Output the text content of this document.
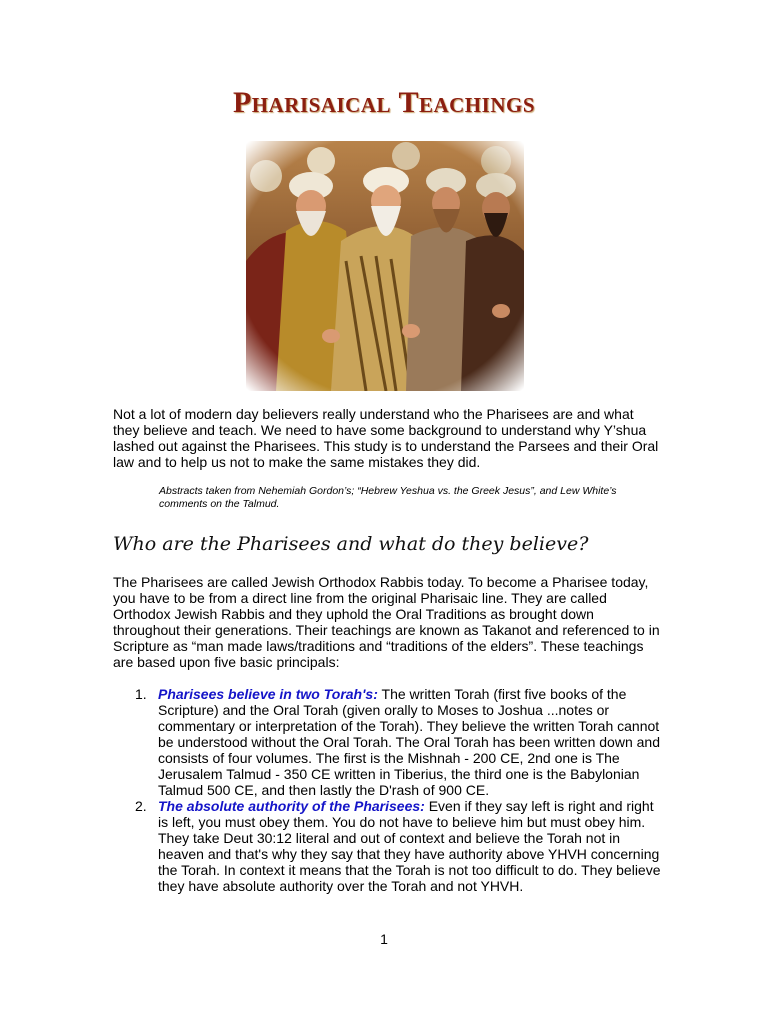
Pharisaical Teachings
Not a lot of modern day believers really understand who the Pharisees are and what they believe and teach. We need to have some background to understand why Y’shua lashed out against the Pharisees. This study is to understand the Parsees and their Oral law and to help us not to make the same mistakes they did.
Abstracts taken from Nehemiah Gordon’s; “Hebrew Yeshua vs. the Greek Jesus”, and Lew White’s comments on the Talmud.
Who are the Pharisees and what do they believe?
The Pharisees are called Jewish Orthodox Rabbis today. To become a Pharisee today, you have to be from a direct line from the original Pharisaic line. They are called Orthodox Jewish Rabbis and they uphold the Oral Traditions as brought down throughout their generations. Their teachings are known as Takanot and referenced to in Scripture as “man made laws/traditions and “traditions of the elders”. These teachings are based upon five basic principals:
1. Pharisees believe in two Torah's: The written Torah (first five books of the Scripture) and the Oral Torah (given orally to Moses to Joshua ...notes or commentary or interpretation of the Torah). They believe the written Torah cannot be understood without the Oral Torah. The Oral Torah has been written down and consists of four volumes. The first is the Mishnah - 200 CE, 2nd one is The Jerusalem Talmud - 350 CE written in Tiberius, the third one is the Babylonian Talmud 500 CE, and then lastly the D'rash of 900 CE.
2. The absolute authority of the Pharisees: Even if they say left is right and right is left, you must obey them. You do not have to believe him but must obey him. They take Deut 30:12 literal and out of context and believe the Torah not in heaven and that's why they say that they have authority above YHVH concerning the Torah. In context it means that the Torah is not too difficult to do. They believe they have absolute authority over the Torah and not YHVH.
1
